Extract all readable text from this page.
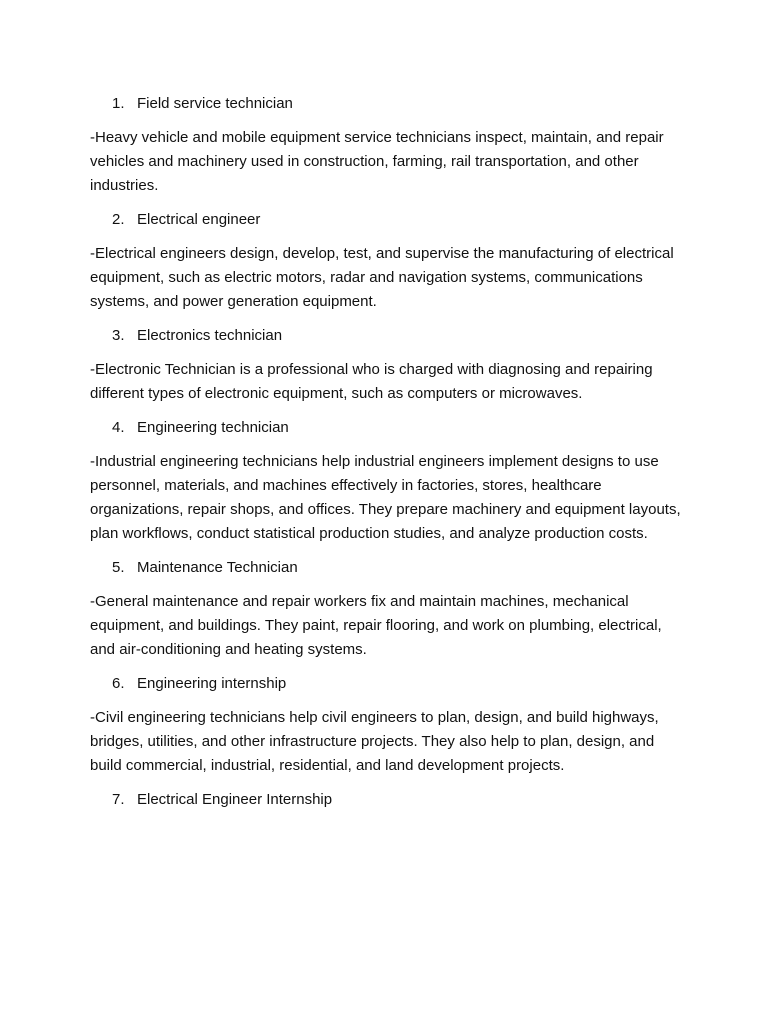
1. Field service technician

-Heavy vehicle and mobile equipment service technicians inspect, maintain, and repair vehicles and machinery used in construction, farming, rail transportation, and other industries.

2. Electrical engineer

-Electrical engineers design, develop, test, and supervise the manufacturing of electrical equipment, such as electric motors, radar and navigation systems, communications systems, and power generation equipment.

3. Electronics technician

-Electronic Technician is a professional who is charged with diagnosing and repairing different types of electronic equipment, such as computers or microwaves.

4. Engineering technician

-Industrial engineering technicians help industrial engineers implement designs to use personnel, materials, and machines effectively in factories, stores, healthcare organizations, repair shops, and offices. They prepare machinery and equipment layouts, plan workflows, conduct statistical production studies, and analyze production costs.

5. Maintenance Technician

-General maintenance and repair workers fix and maintain machines, mechanical equipment, and buildings. They paint, repair flooring, and work on plumbing, electrical, and air-conditioning and heating systems.

6. Engineering internship

-Civil engineering technicians help civil engineers to plan, design, and build highways, bridges, utilities, and other infrastructure projects. They also help to plan, design, and build commercial, industrial, residential, and land development projects.

7. Electrical Engineer Internship
